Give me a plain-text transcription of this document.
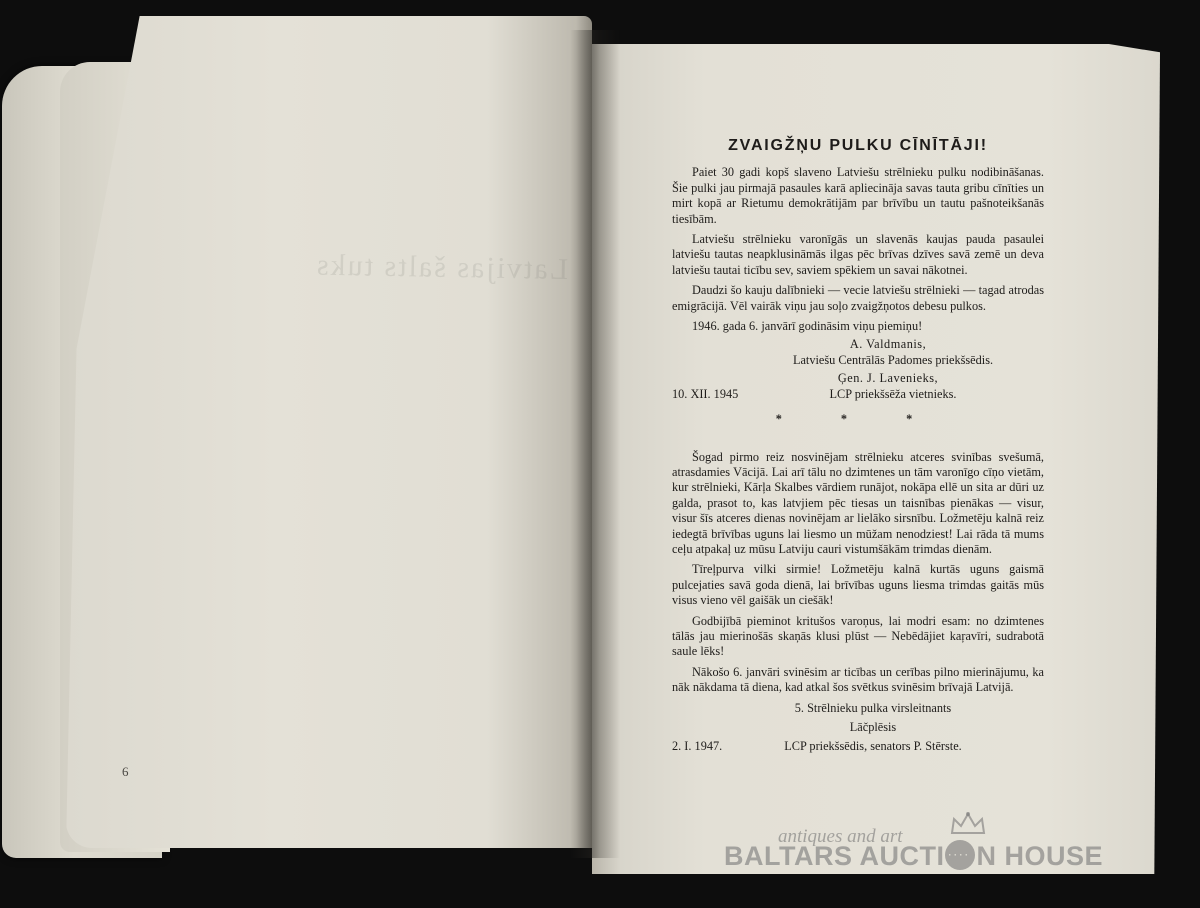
Latvijas šalts tuks
6
ZVAIGŽŅU PULKU CĪNĪTĀJI!

Paiet 30 gadi kopš slaveno Latviešu strēlnieku pulku nodibināšanas. Šie pulki jau pirmajā pasaules karā apliecināja savas tauta gribu cīnīties un mirt kopā ar Rietumu demokrātijām par brīvību un tautu pašnoteikšanās tiesībām.

Latviešu strēlnieku varonīgās un slavenās kaujas pauda pasaulei latviešu tautas neapklusināmās ilgas pēc brīvas dzīves savā zemē un deva latviešu tautai ticību sev, saviem spēkiem un savai nākotnei.

Daudzi šo kauju dalībnieki — vecie latviešu strēlnieki — tagad atrodas emigrācijā. Vēl vairāk viņu jau soļo zvaigžņotos debesu pulkos.

1946. gada 6. janvārī godināsim viņu piemiņu!

A. Valdmanis,
Latviešu Centrālās Padomes priekšsēdis.
Ģen. J. Lavenieks,
10. XII. 1945	LCP priekšsēža vietnieks.
* * *

Šogad pirmo reiz nosvinējam strēlnieku atceres svinības svešumā, atrasdamies Vācijā. Lai arī tālu no dzimtenes un tām varonīgo cīņo vietām, kur strēlnieki, Kārļa Skalbes vārdiem runājot, nokāpa ellē un sita ar dūri uz galda, prasot to, kas latvjiem pēc tiesas un taisnības pienākas — visur, visur šīs atceres dienas novinējam ar lielāko sirsnību. Ložmetēju kalnā reiz iedegtā brīvības uguns lai liesmo un mūžam nenodziest! Lai rāda tā mums ceļu atpakaļ uz mūsu Latviju cauri vistumšākām trimdas dienām.

Tīreļpurva vilki sirmie! Ložmetēju kalnā kurtās uguns gaismā pulcejaties savā goda dienā, lai brīvības uguns liesma trimdas gaitās mūs visus vieno vēl gaišāk un ciešāk!

Godbijībā pieminot kritušos varoņus, lai modri esam: no dzimtenes tālās jau mierinošās skaņās klusi plūst — Nebēdājiet kaŗavīri, sudrabotā saule lēks!

Nākošo 6. janvāri svinēsim ar ticības un cerības pilno mierinājumu, ka nāk nākdama tā diena, kad atkal šos svētkus svinēsim brīvajā Latvijā.

5. Strēlnieku pulka virsleitnants
Lāčplēsis
2. I. 1947.	LCP priekšsēdis, senators P. Stērste.
antiques and art
BALTARS AUCTI· · · · N HOUSE
